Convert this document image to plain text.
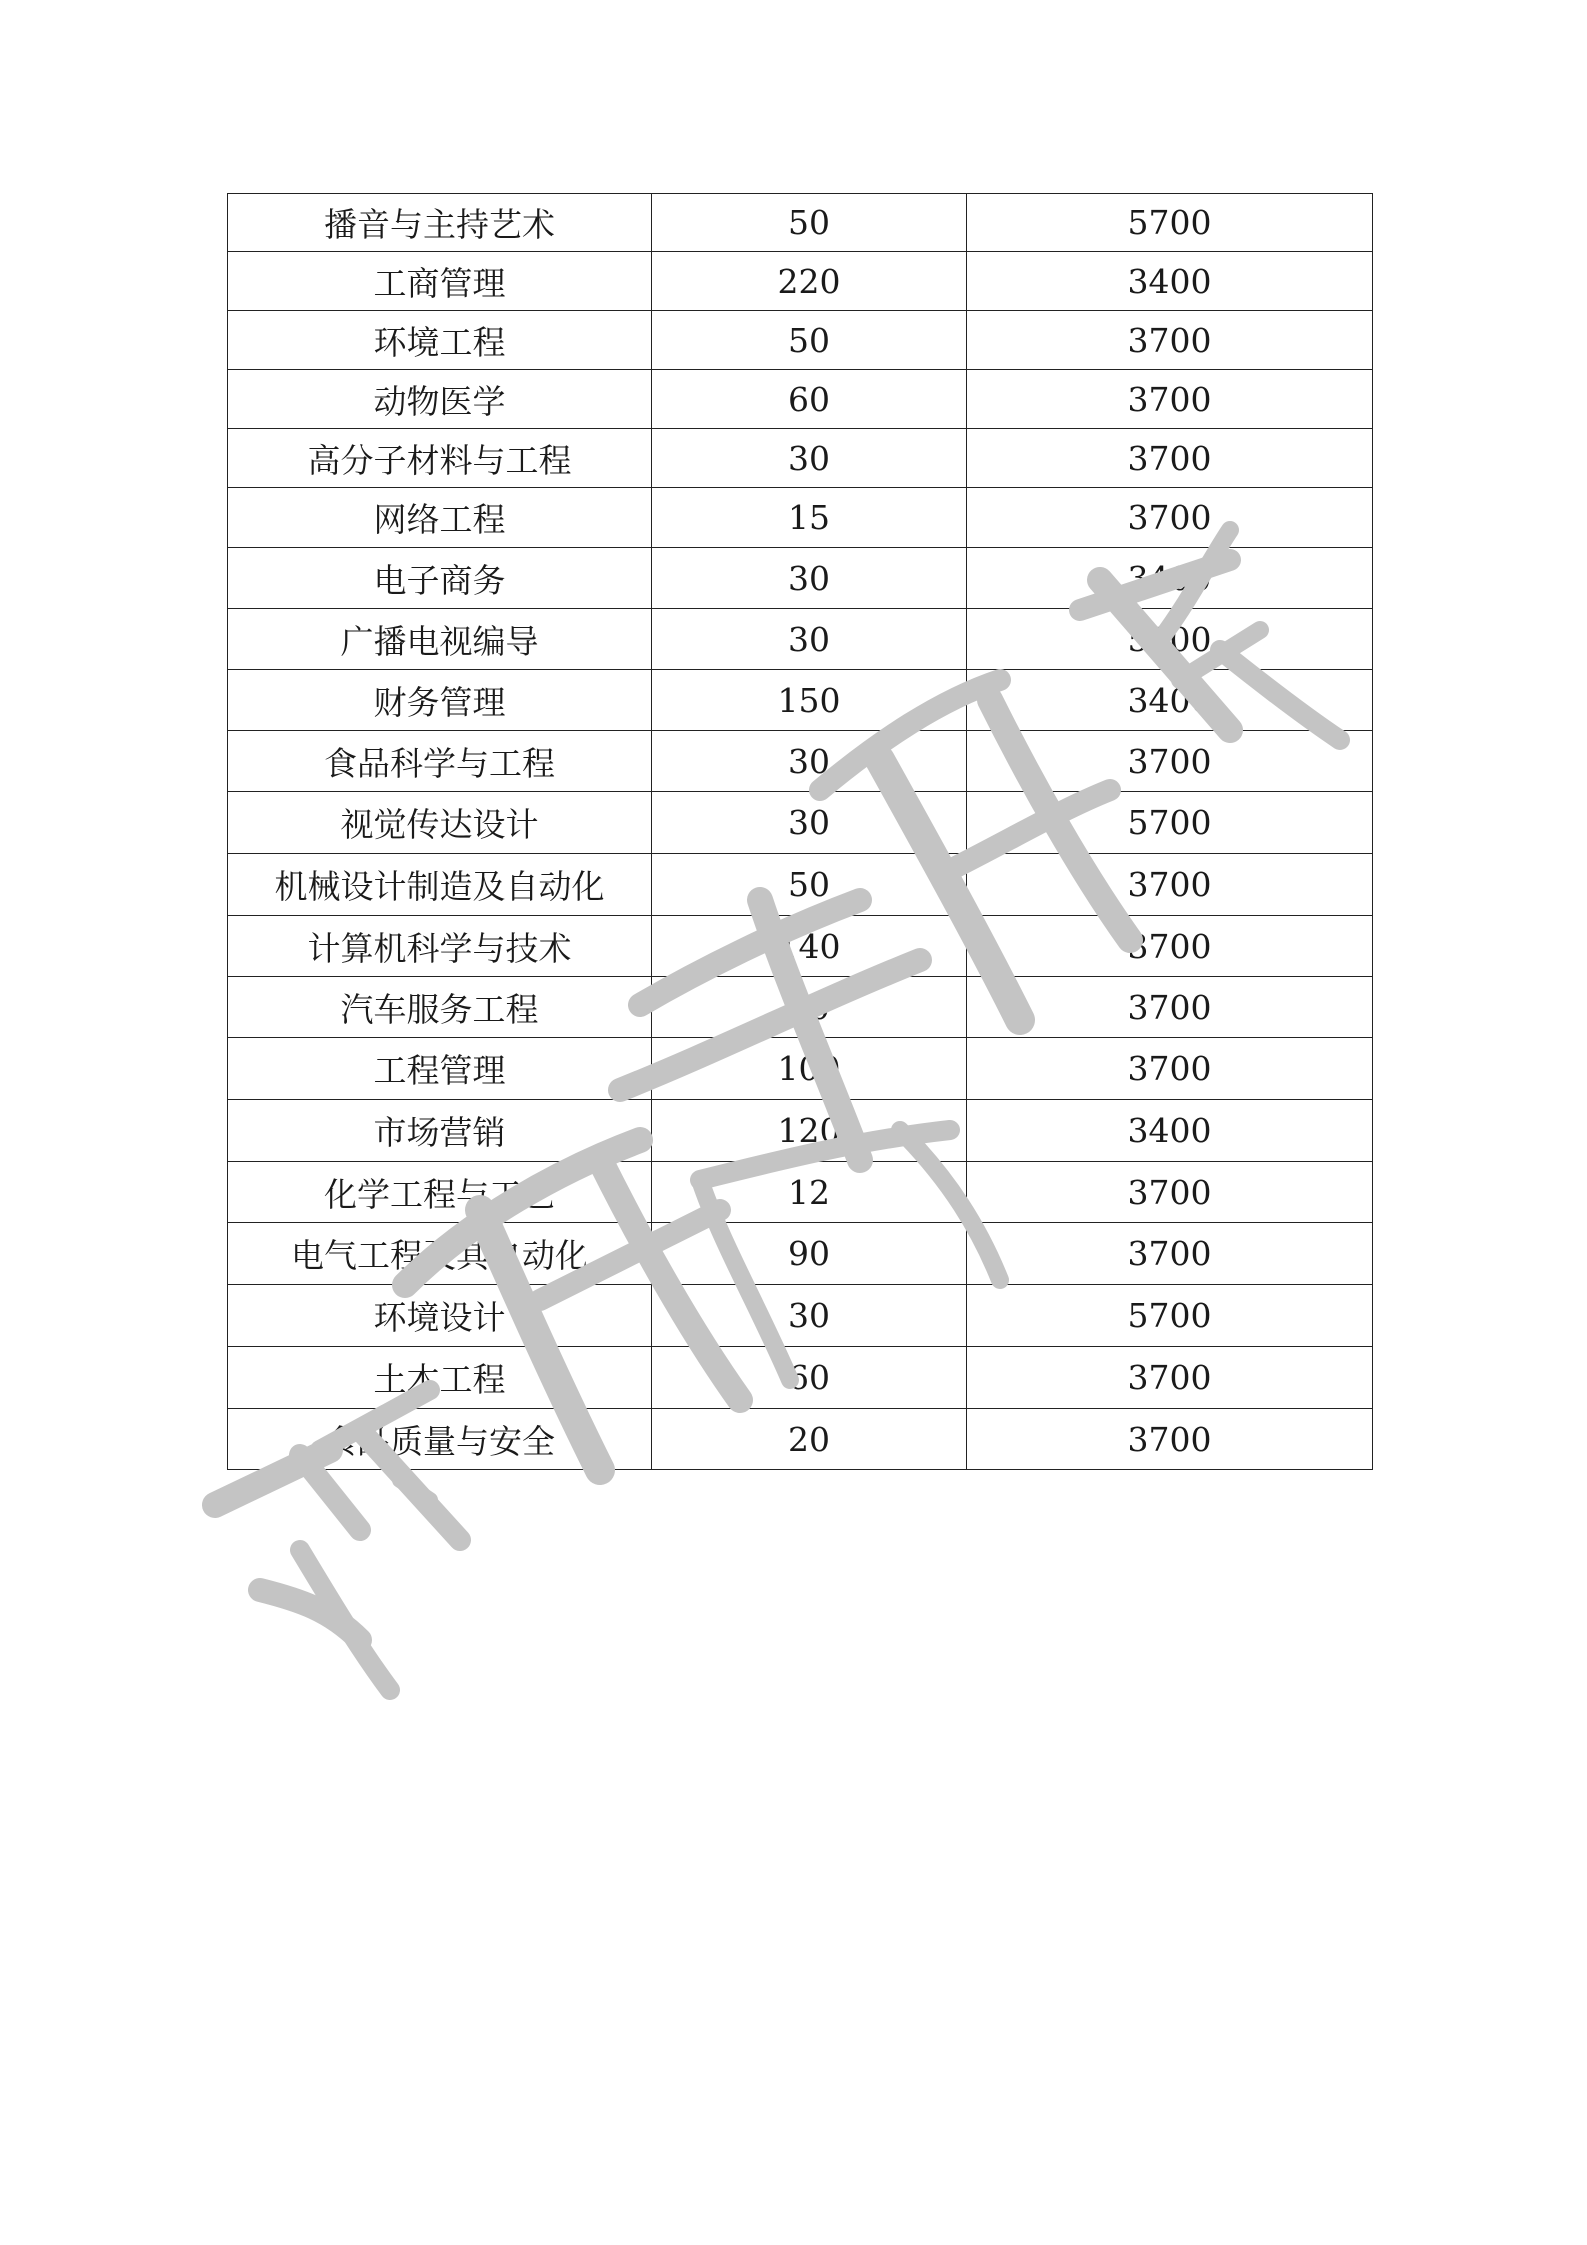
播音与主持艺术	50	5700
工商管理	220	3400
环境工程	50	3700
动物医学	60	3700
高分子材料与工程	30	3700
网络工程	15	3700
电子商务	30	3400
广播电视编导	30	5700
财务管理	150	3400
食品科学与工程	30	3700
视觉传达设计	30	5700
机械设计制造及自动化	50	3700
计算机科学与技术	140	3700
汽车服务工程	50	3700
工程管理	100	3700
市场营销	120	3400
化学工程与工艺	12	3700
电气工程及其自动化	90	3700
环境设计	30	5700
土木工程	60	3700
食品质量与安全	20	3700
